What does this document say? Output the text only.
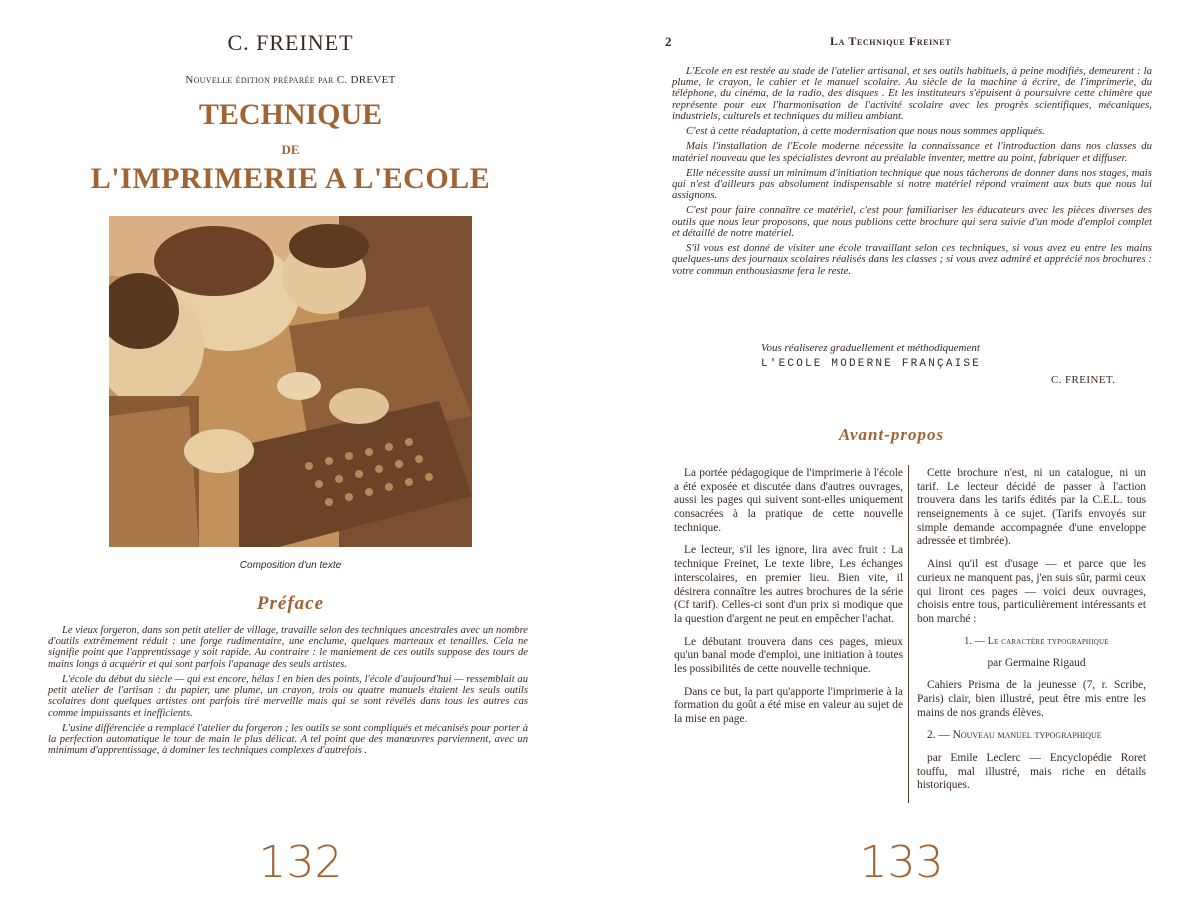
C. FREINET
Nouvelle édition préparée par C. DREVET
TECHNIQUE
DE
L'IMPRIMERIE A L'ECOLE
Composition d'un texte
Préface

Le vieux forgeron, dans son petit atelier de village, travaille selon des techniques ancestrales avec un nombre d'outils extrêmement réduit : une forge rudimentaire, une enclume, quelques marteaux et tenailles. Cela ne signifie point que l'apprentissage y soit rapide. Au contraire : le maniement de ces outils suppose des tours de mains longs à acquérir et qui sont parfois l'apanage des seuls artistes.

L'école du début du siècle — qui est encore, hélas ! en bien des points, l'école d'aujourd'hui — ressemblait au petit atelier de l'artisan : du papier, une plume, un crayon, trois ou quatre manuels étaient les seuls outils scolaires dont quelques artistes ont parfois tiré merveille mais qui se sont révélés dans tous les autres cas comme impuissants et inefficients.

L'usine différenciée a remplacé l'atelier du forgeron ; les outils se sont compliqués et mécanisés pour porter à la perfection automatique le tour de main le plus délicat. A tel point que des manœuvres parviennent, avec un minimum d'apprentissage, à dominer les techniques complexes d'autrefois .

132
2	La Technique Freinet

L'Ecole en est restée au stade de l'atelier artisanal, et ses outils habituels, à peine modifiés, demeurent : la plume, le crayon, le cahier et le manuel scolaire. Au siècle de la machine à écrire, de l'imprimerie, du téléphone, du cinéma, de la radio, des disques . Et les instituteurs s'épuisent à poursuivre cette chimère que représente pour eux l'harmonisation de l'activité scolaire avec les progrès scientifiques, mécaniques, industriels, culturels et techniques du milieu ambiant.

C'est à cette réadaptation, à cette modernisation que nous nous sommes appliqués.

Mais l'installation de l'Ecole moderne nécessite la connaissance et l'introduction dans nos classes du matériel nouveau que les spécialistes devront au préalable inventer, mettre au point, fabriquer et diffuser.

Elle nécessite aussi un minimum d'initiation technique que nous tâcherons de donner dans nos stages, mais qui n'est d'ailleurs pas absolument indispensable si notre matériel répond vraiment aux buts que nous lui assignons.

C'est pour faire connaître ce matériel, c'est pour familiariser les éducateurs avec les pièces diverses des outils que nous leur proposons, que nous publions cette brochure qui sera suivie d'un mode d'emploi complet et détaillé de notre matériel.

S'il vous est donné de visiter une école travaillant selon ces techniques, si vous avez eu entre les mains quelques-uns des journaux scolaires réalisés dans les classes ; si vous avez admiré et apprécié nos brochures : votre commun enthousiasme fera le reste.

Vous réaliserez graduellement et méthodiquement
L'ECOLE MODERNE FRANÇAISE
C. FREINET.
Avant-propos

La portée pédagogique de l'imprimerie à l'école a été exposée et discutée dans d'autres ouvrages, aussi les pages qui suivent sont-elles uniquement consacrées à la pratique de cette nouvelle technique.

Le lecteur, s'il les ignore, lira avec fruit : La technique Freinet, Le texte libre, Les échanges interscolaires, en premier lieu. Bien vite, il désirera connaître les autres brochures de la série (Cf tarif). Celles-ci sont d'un prix si modique que la question d'argent ne peut en empêcher l'achat.

Le débutant trouvera dans ces pages, mieux qu'un banal mode d'emploi, une initiation à toutes les possibilités de cette nouvelle technique.

Dans ce but, la part qu'apporte l'imprimerie à la formation du goût a été mise en valeur au sujet de la mise en page.

Cette brochure n'est, ni un catalogue, ni un tarif. Le lecteur décidé de passer à l'action trouvera dans les tarifs édités par la C.E.L. tous renseignements à ce sujet. (Tarifs envoyés sur simple demande accompagnée d'une enveloppe adressée et timbrée).

Ainsi qu'il est d'usage — et parce que les curieux ne manquent pas, j'en suis sûr, parmi ceux qui liront ces pages — voici deux ouvrages, choisis entre tous, particulièrement intéressants et bon marché :

1. — Le caractère typographique

par Germaine Rigaud

Cahiers Prisma de la jeunesse (7, r. Scribe, Paris) clair, bien illustré, peut être mis entre les mains de nos grands élèves.

2. — Nouveau manuel typographique

par Emile Leclerc — Encyclopédie Roret touffu, mal illustré, mais riche en détails historiques.

133
